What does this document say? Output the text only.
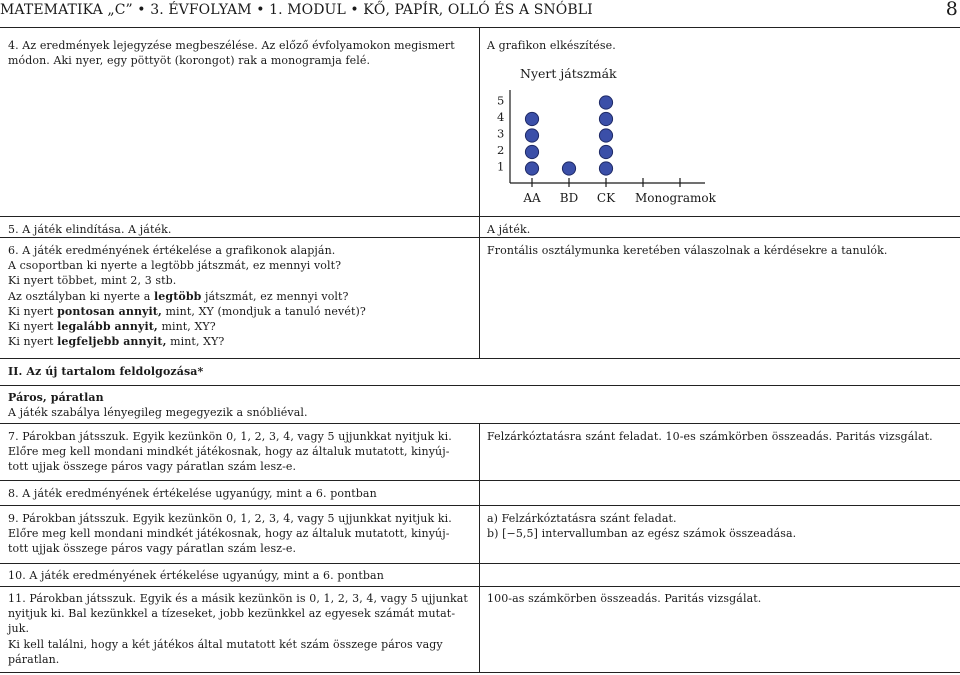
MATEMATIKA „C” • 3. ÉVFOLYAM • 1. MODUL • KŐ, PAPÍR, OLLÓ ÉS A SNÓBLI	8

4. Az eredmények lejegyzése megbeszélése. Az előző évfolyamokon megismert

módon. Aki nyer, egy pöttyöt (korongot) rak a monogramja felé.

A grafikon elkészítése.
Nyert játszmák
5
4
3
2
1
AA BD CK Monogramok
5. A játék elindítása. A játék.	A játék.

6. A játék eredményének értékelése a grafikonok alapján.

A csoportban ki nyerte a legtöbb játszmát, ez mennyi volt?

Ki nyert többet, mint 2, 3 stb.

Az osztályban ki nyerte a legtöbb játszmát, ez mennyi volt?

Ki nyert pontosan annyit, mint, XY (mondjuk a tanuló nevét)?

Ki nyert legalább annyit, mint, XY?

Ki nyert legfeljebb annyit, mint, XY?

Frontális osztálymunka keretében válaszolnak a kérdésekre a tanulók.
II. Az új tartalom feldolgozása*

Páros, páratlan

A játék szabálya lényegileg megegyezik a snóbliéval.

7. Párokban játsszuk. Egyik kezünkön 0, 1, 2, 3, 4, vagy 5 ujjunkkat nyitjuk ki.

Előre meg kell mondani mindkét játékosnak, hogy az általuk mutatott, kinyúj-

tott ujjak összege páros vagy páratlan szám lesz-e.

Felzárkóztatásra szánt feladat. 10-es számkörben összeadás. Paritás vizsgálat.
8. A játék eredményének értékelése ugyanúgy, mint a 6. pontban

9. Párokban játsszuk. Egyik kezünkön 0, 1, 2, 3, 4, vagy 5 ujjunkkat nyitjuk ki.

Előre meg kell mondani mindkét játékosnak, hogy az általuk mutatott, kinyúj-

tott ujjak összege páros vagy páratlan szám lesz-e.

a) Felzárkóztatásra szánt feladat.

b) [−5,5] intervallumban az egész számok összeadása.

10. A játék eredményének értékelése ugyanúgy, mint a 6. pontban

11. Párokban játsszuk. Egyik és a másik kezünkön is 0, 1, 2, 3, 4, vagy 5 ujjunkat

nyitjuk ki. Bal kezünkkel a tízeseket, jobb kezünkkel az egyesek számát mutat-

juk.

Ki kell találni, hogy a két játékos által mutatott két szám összege páros vagy

páratlan.

100-as számkörben összeadás. Paritás vizsgálat.
